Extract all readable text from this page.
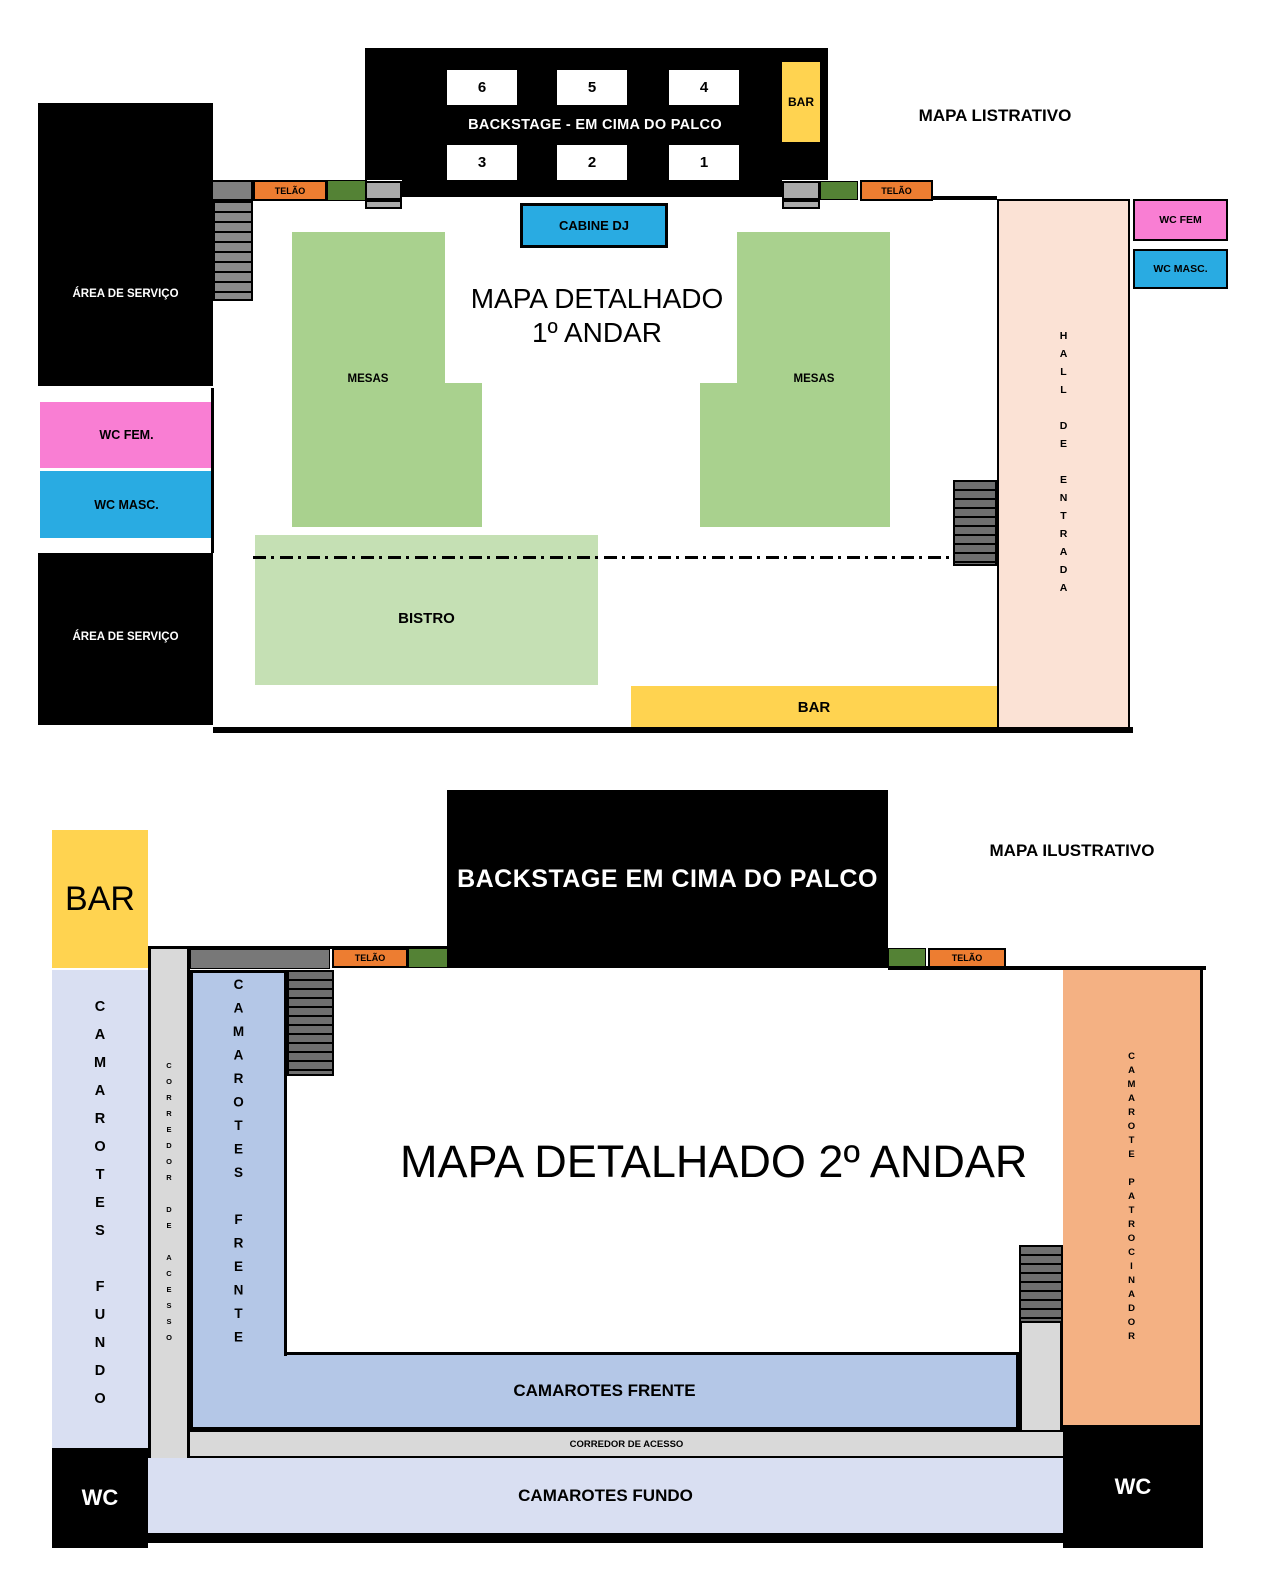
MAPA LISTRATIVO
6	5	4
BACKSTAGE - EM CIMA DO PALCO
3	2	1
BAR
TELÃO	TELÃO
CABINE DJ
ÁREA DE SERVIÇO
WC FEM.
WC MASC.
ÁREA DE SERVIÇO
MAPA DETALHADO
1º ANDAR
MESAS	MESAS
BISTRO
BAR
HALL DE ENTRADA
WC FEM
WC MASC.
MAPA ILUSTRATIVO
BAR
BACKSTAGE EM CIMA DO PALCO
TELÃO	TELÃO
CAMAROTES FUNDO	CORREDOR DE ACESSO	CAMAROTES FRENTE	MAPA DETALHADO 2º ANDAR	CAMAROTE PATROCINADOR
CAMAROTES FRENTE
CORREDOR DE ACESSO
CAMAROTES FUNDO
WC	WC
